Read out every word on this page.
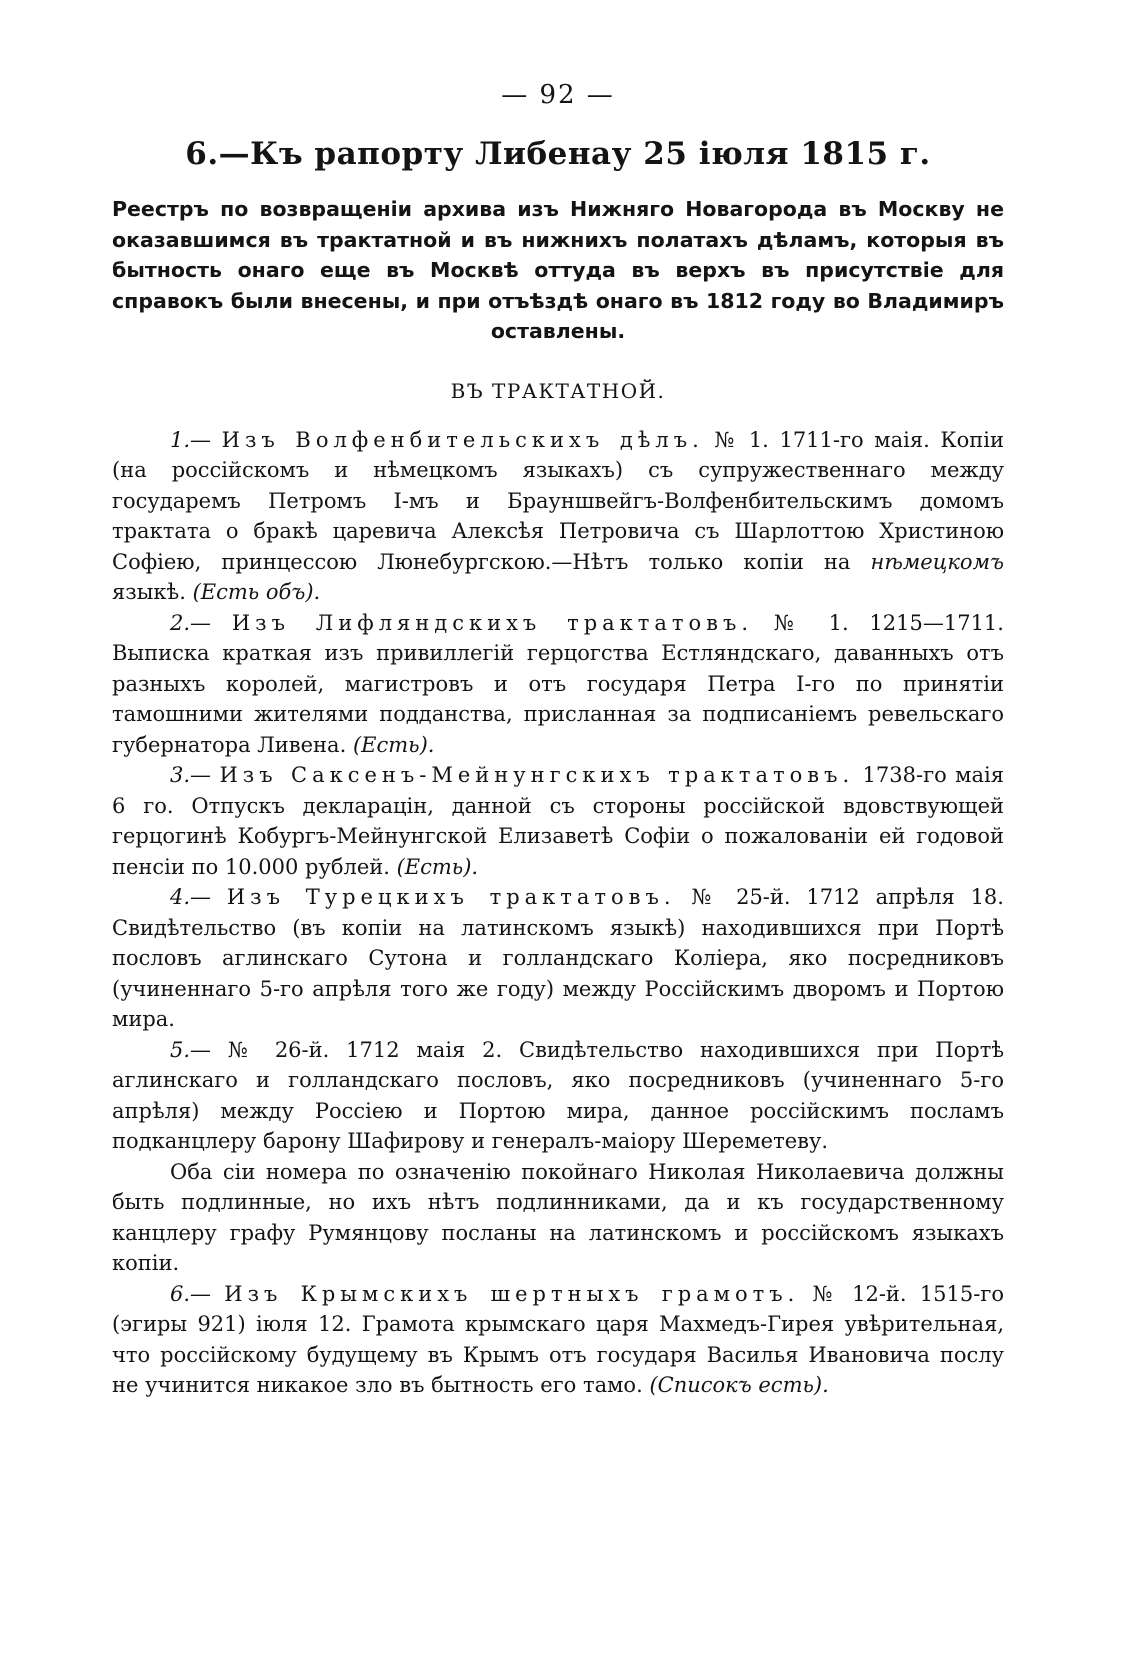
— 92 —
6.—Къ рапорту Либенау 25 іюля 1815 г.
Реестръ по возвращеніи архива изъ Нижняго Новагорода въ Москву не оказавшимся въ трактатной и въ нижнихъ полатахъ дѣламъ, которыя въ бытность онаго еще въ Москвѣ оттуда въ верхъ въ присутствіе для справокъ были внесены, и при отъѣздѣ онаго въ 1812 году во Владимиръ оставлены.
ВЪ ТРАКТАТНОЙ.

1.— Изъ Волфенбительскихъ дѣлъ. № 1. 1711-го маія. Копіи (на россійскомъ и нѣмецкомъ языкахъ) съ супружественнаго между государемъ Петромъ І-мъ и Брауншвейгъ-Волфенбительскимъ домомъ трактата о бракѣ царевича Алексѣя Петровича съ Шарлоттою Христиною Софіею, принцессою Люнебургскою.—Нѣтъ только копіи на нѣмецкомъ языкѣ. (Есть объ).

2.— Изъ Лифляндскихъ трактатовъ. № 1. 1215—1711. Выписка краткая изъ привиллегій герцогства Естляндскаго, даванныхъ отъ разныхъ королей, магистровъ и отъ государя Петра І-го по принятіи тамошними жителями подданства, присланная за подписаніемъ ревельскаго губернатора Ливена. (Есть).

3.— Изъ Саксенъ-Мейнунгскихъ трактатовъ. 1738-го маія 6 го. Отпускъ декларацін, данной съ стороны россійской вдовствующей герцогинѣ Кобургъ-Мейнунгской Елизаветѣ Софіи о пожалованіи ей годовой пенсіи по 10.000 рублей. (Есть).

4.— Изъ Турецкихъ трактатовъ. № 25-й. 1712 апрѣля 18. Свидѣтельство (въ копіи на латинскомъ языкѣ) находившихся при Портѣ пословъ аглинскаго Сутона и голландскаго Коліера, яко посредниковъ (учиненнаго 5-го апрѣля того же году) между Россійскимъ дворомъ и Портою мира.

5.— № 26-й. 1712 маія 2. Свидѣтельство находившихся при Портѣ аглинскаго и голландскаго пословъ, яко посредниковъ (учиненнаго 5-го апрѣля) между Россіею и Портою мира, данное россійскимъ посламъ подканцлеру барону Шафирову и генералъ-маіору Шереметеву.

Оба сіи номера по означенію покойнаго Николая Николаевича должны быть подлинные, но ихъ нѣтъ подлинниками, да и къ государственному канцлеру графу Румянцову посланы на латинскомъ и россійскомъ языкахъ копіи.

6.— Изъ Крымскихъ шертныхъ грамотъ. № 12-й. 1515-го (эгиры 921) іюля 12. Грамота крымскаго царя Махмедъ-Гирея увѣрительная, что россійскому будущему въ Крымъ отъ государя Василья Ивановича послу не учинится никакое зло въ бытность его тамо. (Списокъ есть).
